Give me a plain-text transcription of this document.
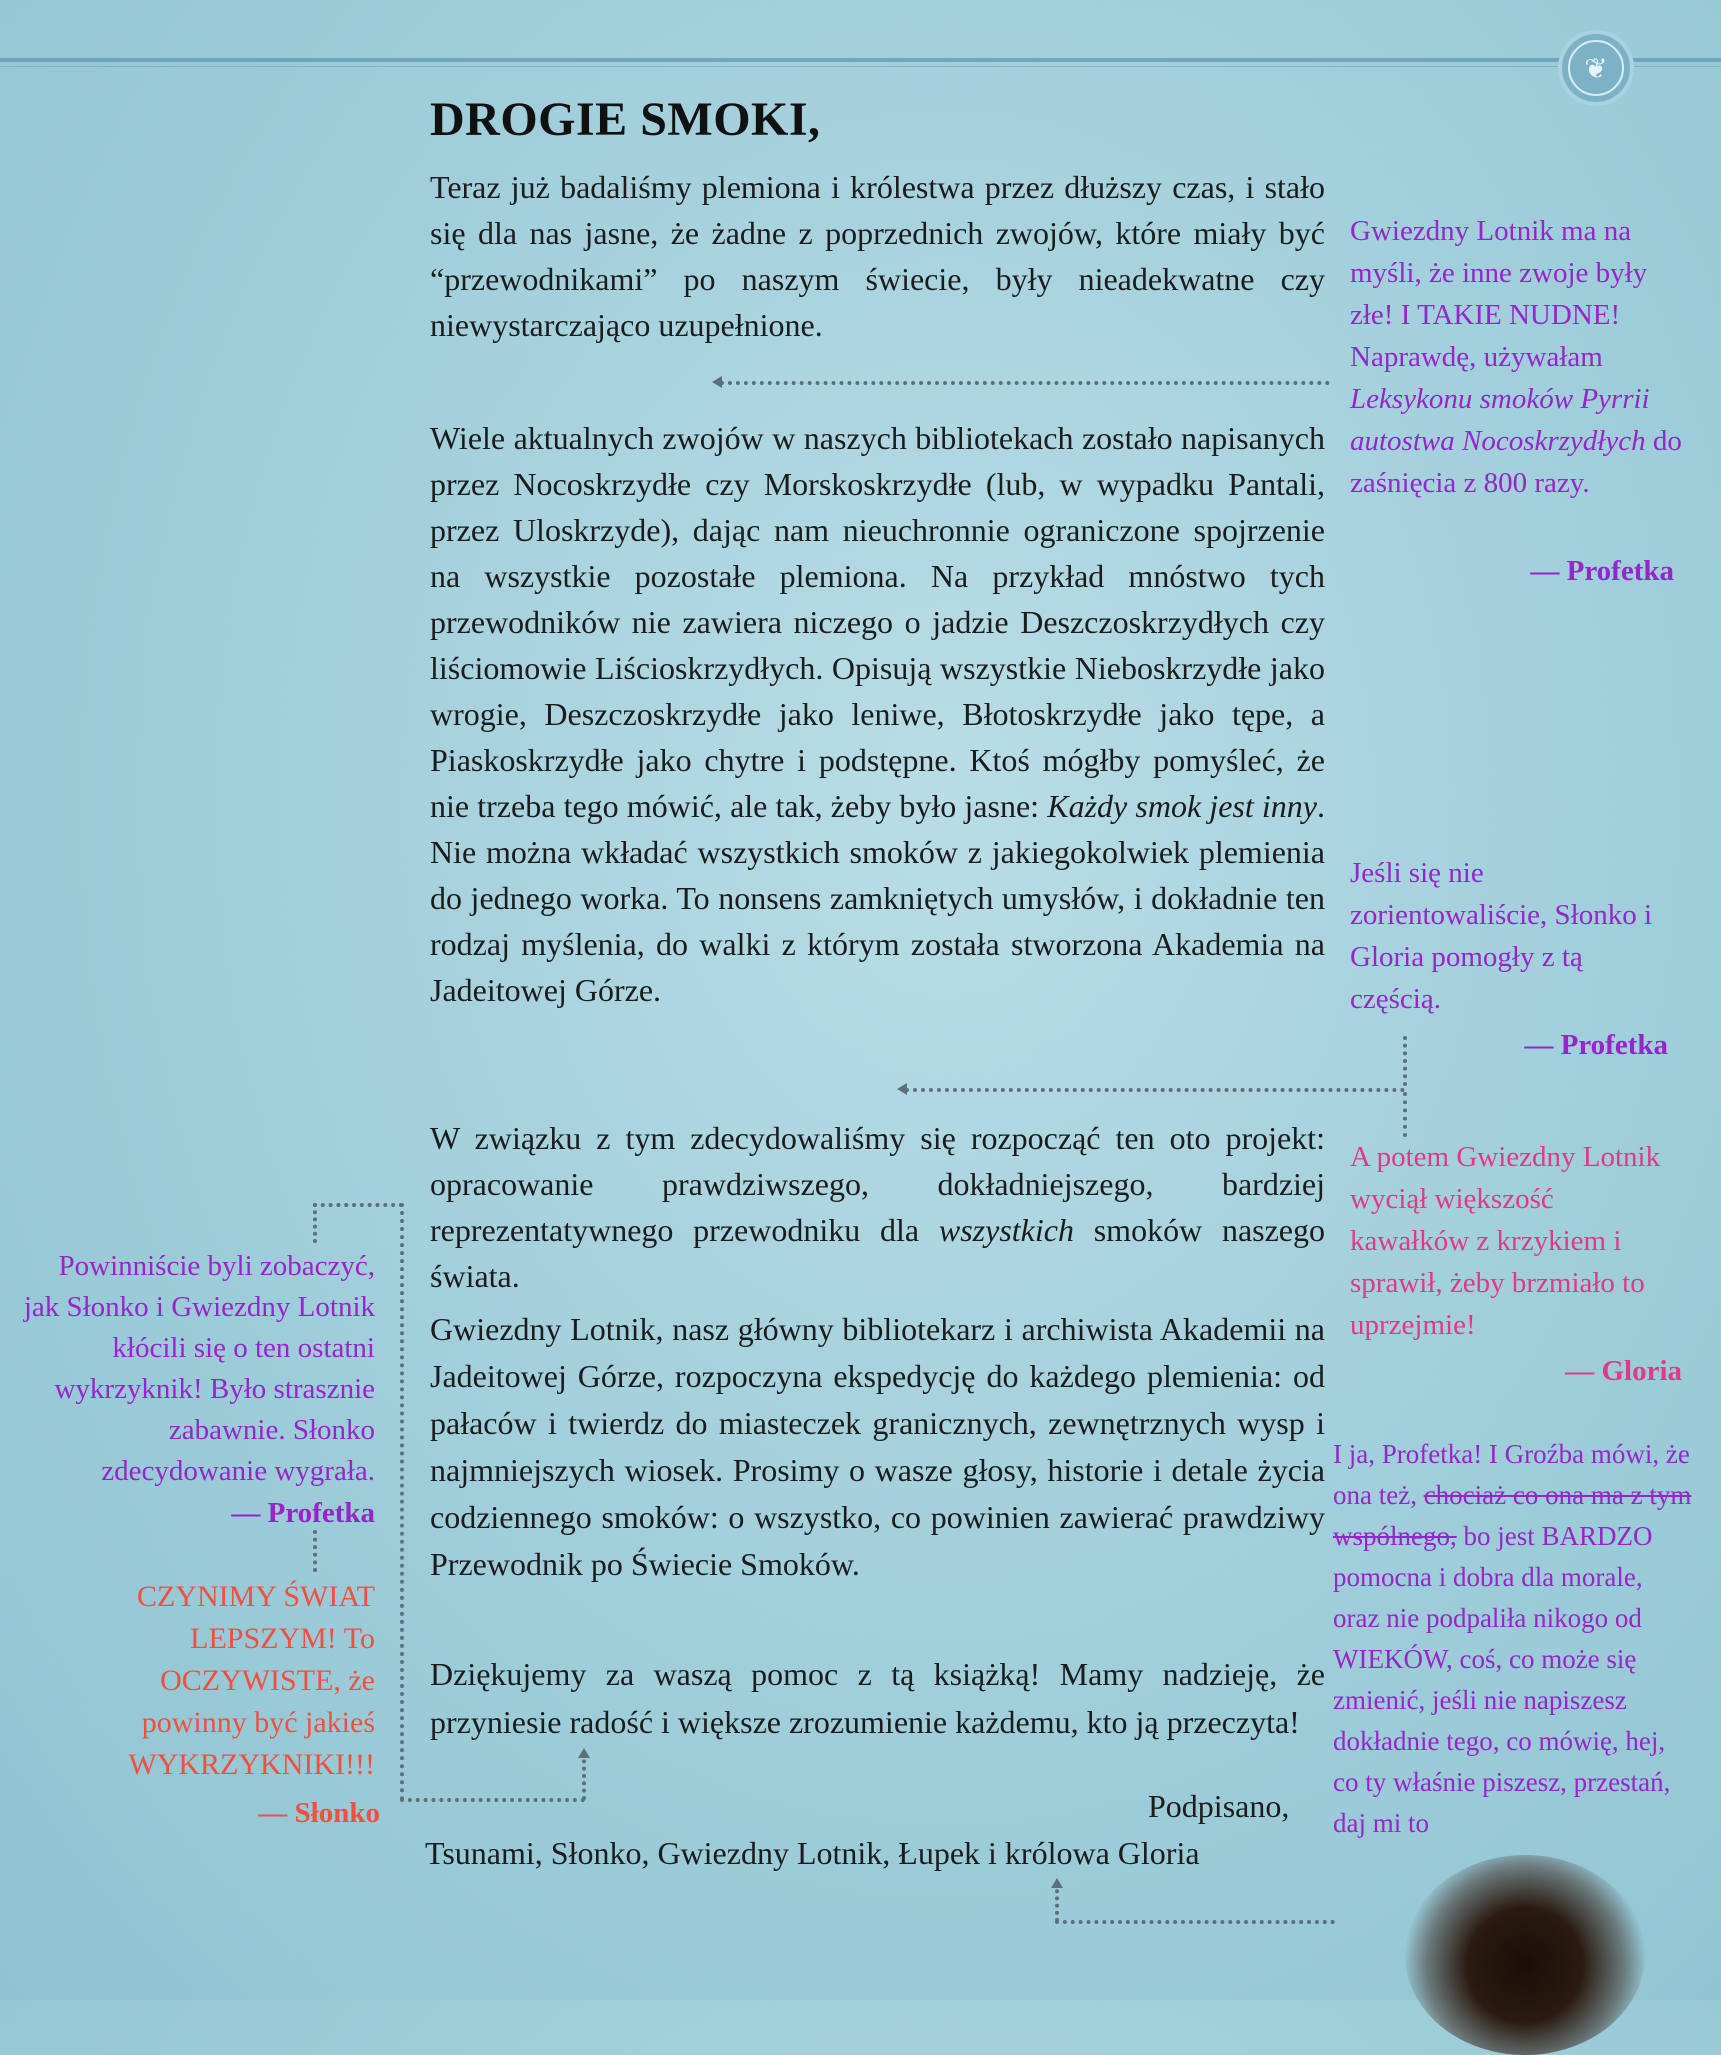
❦
DROGIE SMOKI,
Teraz już badaliśmy plemiona i królestwa przez dłuższy czas, i stało się dla nas jasne, że żadne z poprzednich zwojów, które miały być “przewodnikami” po naszym świecie, były nieadekwatne czy niewystarczająco uzupełnione.
Wiele aktualnych zwojów w naszych bibliotekach zostało napisanych przez Nocoskrzydłe czy Morskoskrzydłe (lub, w wypadku Pantali, przez Uloskrzyde), dając nam nieuchronnie ograniczone spojrzenie na wszystkie pozostałe plemiona. Na przykład mnóstwo tych przewodników nie zawiera niczego o jadzie Deszczoskrzydłych czy liściomowie Liścioskrzydłych. Opisują wszystkie Nieboskrzydłe jako wrogie, Deszczoskrzydłe jako leniwe, Błotoskrzydłe jako tępe, a Piaskoskrzydłe jako chytre i podstępne. Ktoś mógłby pomyśleć, że nie trzeba tego mówić, ale tak, żeby było jasne: Każdy smok jest inny. Nie można wkładać wszystkich smoków z jakiegokolwiek plemienia do jednego worka. To nonsens zamkniętych umysłów, i dokładnie ten rodzaj myślenia, do walki z którym została stworzona Akademia na Jadeitowej Górze.
W związku z tym zdecydowaliśmy się rozpocząć ten oto projekt: opracowanie prawdziwszego, dokładniejszego, bardziej reprezentatywnego przewodniku dla wszystkich smoków naszego świata.
Gwiezdny Lotnik, nasz główny bibliotekarz i archiwista Akademii na Jadeitowej Górze, rozpoczyna ekspedycję do każdego plemienia: od pałaców i twierdz do miasteczek granicznych, zewnętrznych wysp i najmniejszych wiosek. Prosimy o wasze głosy, historie i detale życia codziennego smoków: o wszystko, co powinien zawierać prawdziwy Przewodnik po Świecie Smoków.
Dziękujemy za waszą pomoc z tą książką! Mamy nadzieję, że przyniesie radość i większe zrozumienie każdemu, kto ją przeczyta!
Podpisano,
Tsunami, Słonko, Gwiezdny Lotnik, Łupek i królowa Gloria
Gwiezdny Lotnik ma na myśli, że inne zwoje były złe! I TAKIE NUDNE! Naprawdę, używałam Leksykonu smoków Pyrrii autostwa Nocoskrzydłych do zaśnięcia z 800 razy.
— Profetka
Jeśli się nie zorientowaliście, Słonko i Gloria pomogły z tą częścią.
— Profetka
A potem Gwiezdny Lotnik wyciął większość kawałków z krzykiem i sprawił, żeby brzmiało to uprzejmie!
— Gloria
I ja, Profetka! I Groźba mówi, że ona też, chociaż co ona ma z tym wspólnego, bo jest BARDZO pomocna i dobra dla morale, oraz nie podpaliła nikogo od WIEKÓW, coś, co może się zmienić, jeśli nie napiszesz dokładnie tego, co mówię, hej, co ty właśnie piszesz, przestań, daj mi to
Powinniście byli zobaczyć, jak Słonko i Gwiezdny Lotnik kłócili się o ten ostatni wykrzyknik! Było strasznie zabawnie. Słonko zdecydowanie wygrała.
— Profetka
CZYNIMY ŚWIAT LEPSZYM! To OCZYWISTE, że powinny być jakieś WYKRZYKNIKI!!!
— Słonko
